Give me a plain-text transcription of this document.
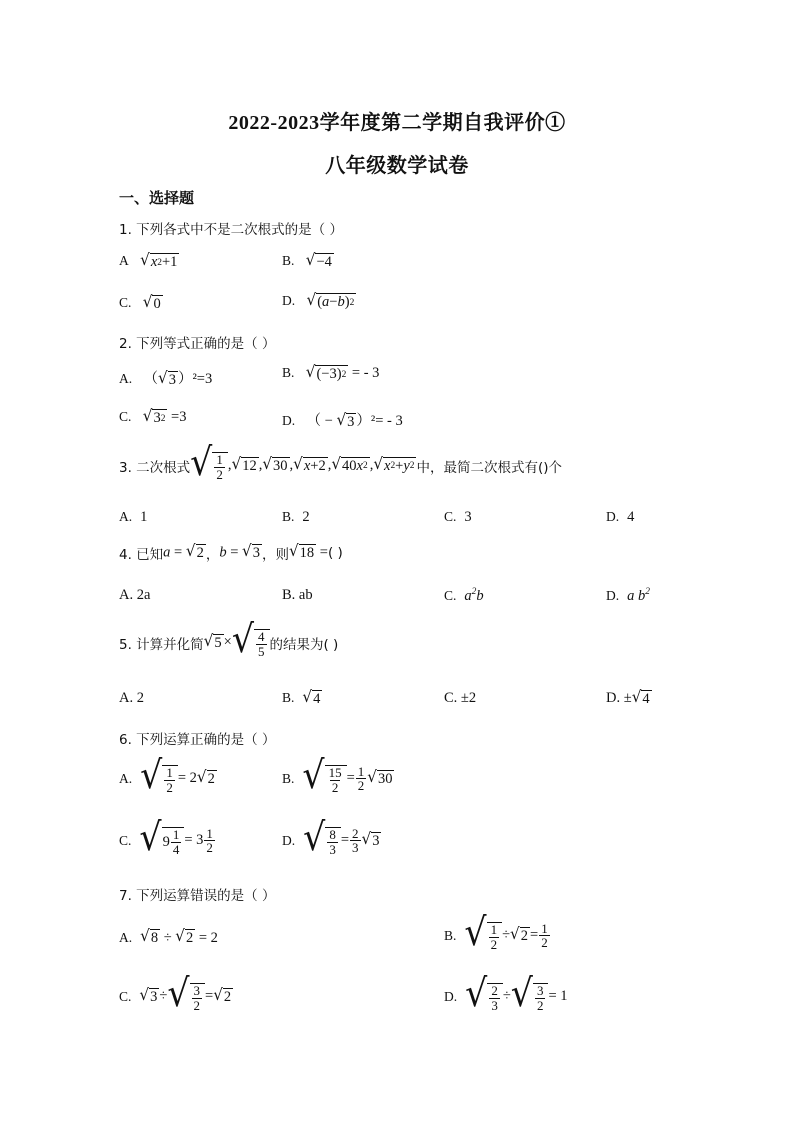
2022-2023学年度第二学期自我评价①
八年级数学试卷
一、选择题
1. 下列各式中不是二次根式的是（ ）
A √ x 2 +1	B. √ −4
C. √ 0	D. √ ( a − b ) 2
2. 下列等式正确的是（ ）
A. （ √ 3 ）²=3	B. √ (−3) 2 = - 3
C. √ 3 2 =3	D. （ − √ 3 ）²= - 3
3. 二次根式 √ $\frac{1}{2}$ , √ 12 , √ 30 , √ x +2 , √ 40 x 2 , √ x 2 + y 2 中，最简二次根式有()个
A. 1	B. 2	C. 3	D. 4
4. 已知 a = √ 2 ， b = √ 3 ，则 √ 18 = ( )
A. 2a	B. ab	C. $a^2b$	D. a $b^2$
5. 计算并化简 √ 5 × √ $\frac{4}{5}$ 的结果为( )
A. 2	B. √ 4	C. ±2	D. ± √ 4
6. 下列运算正确的是（ ）
A. √ $\frac{1}{2} = 2$ √ 2	B. √ $\frac{15}{2} = \frac{1}{2}$ √ 30
C. √ $9 \frac{1}{4} = 3 \frac{1}{2}$	D. √ $\frac{8}{3} = \frac{2}{3}$ √ 3
7. 下列运算错误的是（ ）
A. √ 8 ÷ √ 2 = 2	B. √ $\frac{1}{2}$ ÷ √ $2 = \frac{1}{2}$
C. √ 3 ÷ √ $\frac{3}{2}$ = √ 2	D. √ $\frac{2}{3}$ ÷ √ $\frac{3}{2} = 1$
